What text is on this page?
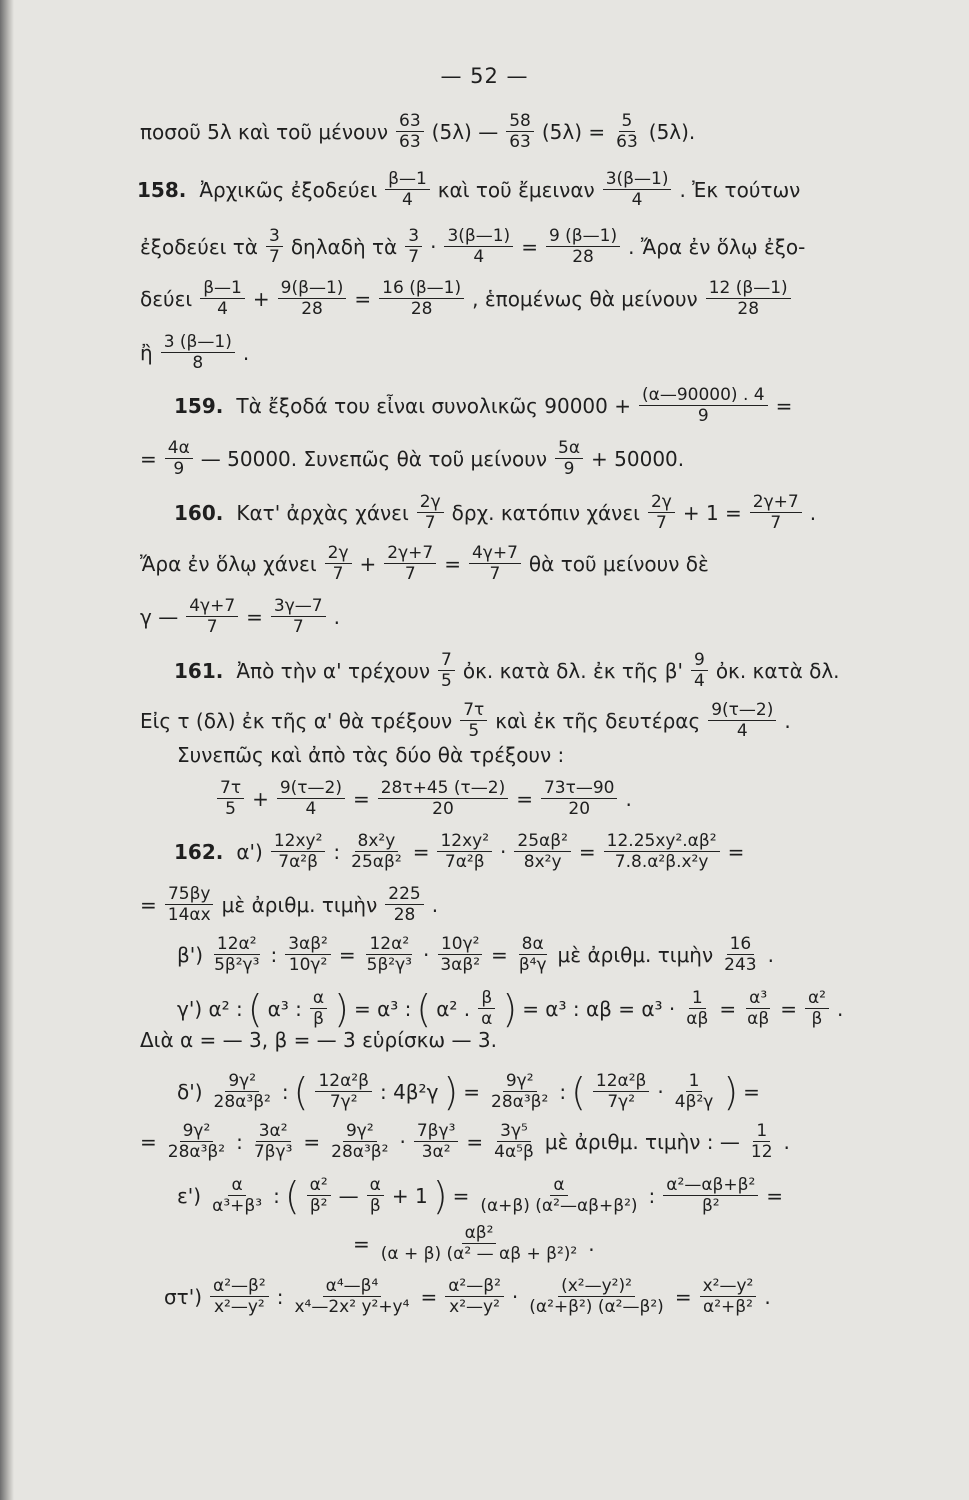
— 52 —
ποσοῦ 5λ καὶ τοῦ μένουν $\frac{63}{63} (5\lambda)$ — $\frac{58}{63} (5\lambda) = \frac{5}{63} (5\lambda)$.
158. Ἀρχικῶς ἐξοδεύει $\frac{\beta—1}{4}$ καὶ τοῦ ἔμειναν $\frac{3(\beta—1)}{4}$ . Ἐκ τούτων
ἐξοδεύει τὰ $\frac{3}{7}$ δηλαδὴ τὰ $\frac{3}{7} \cdot \frac{3(\beta—1)}{4} = \frac{9 (\beta—1)}{28}$ . Ἄρα ἐν ὅλῳ ἐξο-
δεύει $\frac{\beta—1}{4} + \frac{9(\beta—1)}{28} = \frac{16 (\beta—1)}{28}$ , ἑπομένως θὰ μείνουν $\frac{12 (\beta—1)}{28}$
ἢ $\frac{3 (\beta—1)}{8}$ .
159. Τὰ ἔξοδά του εἶναι συνολικῶς $90000 + \frac{(\alpha—90000) . 4}{9}$ =
= $\frac{4\alpha}{9}$ — 50000. Συνεπῶς θὰ τοῦ μείνουν $\frac{5\alpha}{9} + 50000$.
160. Κατ' ἀρχὰς χάνει $\frac{2\gamma}{7} \delta\rho\chi$. κατόπιν χάνει $\frac{2\gamma}{7} + 1 = \frac{2\gamma+7}{7}$ .
Ἄρα ἐν ὅλῳ χάνει $\frac{2\gamma}{7} + \frac{2\gamma+7}{7} = \frac{4\gamma+7}{7}$ θὰ τοῦ μείνουν δὲ
γ — $\frac{4\gamma+7}{7} = \frac{3\gamma—7}{7}$ .
161. Ἀπὸ τὴν α' τρέχουν $\frac{7}{5}$ ὀκ. κατὰ δλ. ἐκ τῆς $\beta' \frac{9}{4}$ ὀκ. κατὰ δλ.
Εἰς τ (δλ) ἐκ τῆς α' θὰ τρέξουν $\frac{7\tau}{5}$ καὶ ἐκ τῆς δευτέρας $\frac{9(\tau—2)}{4}$ .
Συνεπῶς καὶ ἀπὸ τὰς δύο θὰ τρέξουν :
$\frac{7\tau}{5} + \frac{9(\tau—2)}{4} = \frac{28\tau+45 (\tau—2)}{20} = \frac{73\tau—90}{20}$ .
162. $\alpha') \frac{\text{12xy²}}{\text{7α²β}}$ : $\frac{\text{8x²y}}{\text{25αβ²}} = \frac{\text{12xy²}}{\text{7α²β}} \cdot \frac{\text{25αβ²}}{\text{8x²y}} = \frac{\text{12.25xy².αβ²}}{\text{7.8.α²β.x²y}}$ =
= $\frac{75\beta y}{14\alpha x}$ μὲ ἀριθμ. τιμὴν $\frac{225}{28}$ .
$\beta') \frac{\text{12α²}}{\text{5β²γ³}}$ : $\frac{\text{3αβ²}}{\text{10γ²}} = \frac{\text{12α²}}{\text{5β²γ³}} \cdot \frac{\text{10γ²}}{\text{3αβ²}} = \frac{8\alpha}{\text{β⁴γ}}$ μὲ ἀριθμ. τιμὴν $\frac{16}{243}$ .
γ') α² : ( α³ : $\frac{\alpha}{\beta}$ ) = α³ : ( α² . $\frac{\beta}{\alpha}$ ) = α³ : $\alpha\beta = \alpha^3 \cdot \frac{1}{\alpha\beta} = \frac{\text{α³}}{\alpha\beta} = \frac{\text{α²}}{\beta}$ .
Διὰ α = — 3, β = — 3 εὑρίσκω — 3.
$\delta') \frac{\text{9γ²}}{\text{28α³β²}}$ : ( $\frac{\text{12α²β}}{\text{7γ²}}$ : 4β²γ ) = $\frac{\text{9γ²}}{\text{28α³β²}}$ : ( $\frac{\text{12α²β}}{\text{7γ²}} \cdot \frac{1}{\text{4β²γ}}$ ) =
= $\frac{\text{9γ²}}{\text{28α³β²}}$ : $\frac{\text{3α²}}{\text{7βγ³}} = \frac{\text{9γ²}}{\text{28α³β²}} \cdot \frac{\text{7βγ³}}{\text{3α²}} = \frac{\text{3γ⁵}}{\text{4α⁵β}}$ μὲ ἀριθμ. τιμὴν : — $\frac{1}{12}$ .
$\varepsilon') \frac{\alpha}{\text{α³+β³}}$ : ( $\frac{\text{α²}}{\text{β²}}$ — $\frac{\alpha}{\beta} + 1$ ) = $\frac{\alpha}{\text{(α+β) (α²—αβ+β²)}}$ : $\frac{\text{α²—αβ+β²}}{\text{β²}}$ =
= $\frac{\text{αβ²}}{\text{(α + β) (α² — αβ + β²)²}}$ .
$\sigma\tau') \frac{\text{α²—β²}}{\text{x²—y²}}$ : $\frac{\text{α⁴—β⁴}}{\text{x⁴—2x² y²+y⁴}} = \frac{\text{α²—β²}}{\text{x²—y²}} \cdot \frac{\text{(x²—y²)²}}{\text{(α²+β²) (α²—β²)}} = \frac{\text{x²—y²}}{\text{α²+β²}}$ .
